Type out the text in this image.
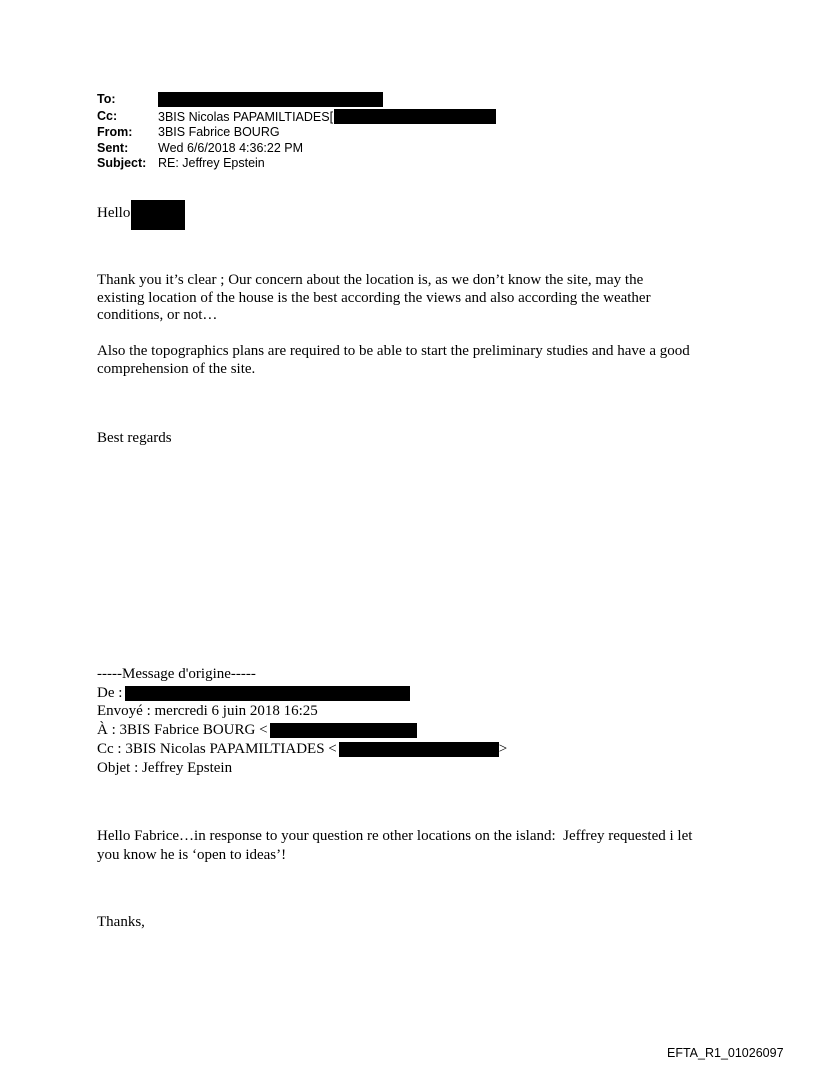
To:
Cc:	3BIS Nicolas PAPAMILTIADES[
From:	3BIS Fabrice BOURG
Sent:	Wed 6/6/2018 4:36:22 PM
Subject: RE: Jeffrey Epstein
Hello
Thank you it’s clear ; Our concern about the location is, as we don’t know the site, may the existing location of the house is the best according the views and also according the weather conditions, or not…
Also the topographics plans are required to be able to start the preliminary studies and have a good comprehension of the site.
Best regards
-----Message d'origine-----
De :
Envoyé : mercredi 6 juin 2018 16:25
À : 3BIS Fabrice BOURG <
Cc : 3BIS Nicolas PAPAMILTIADES <	>
Objet : Jeffrey Epstein
Hello Fabrice…in response to your question re other locations on the island:  Jeffrey requested i let you know he is ‘open to ideas’!
Thanks,
EFTA_R1_01026097
